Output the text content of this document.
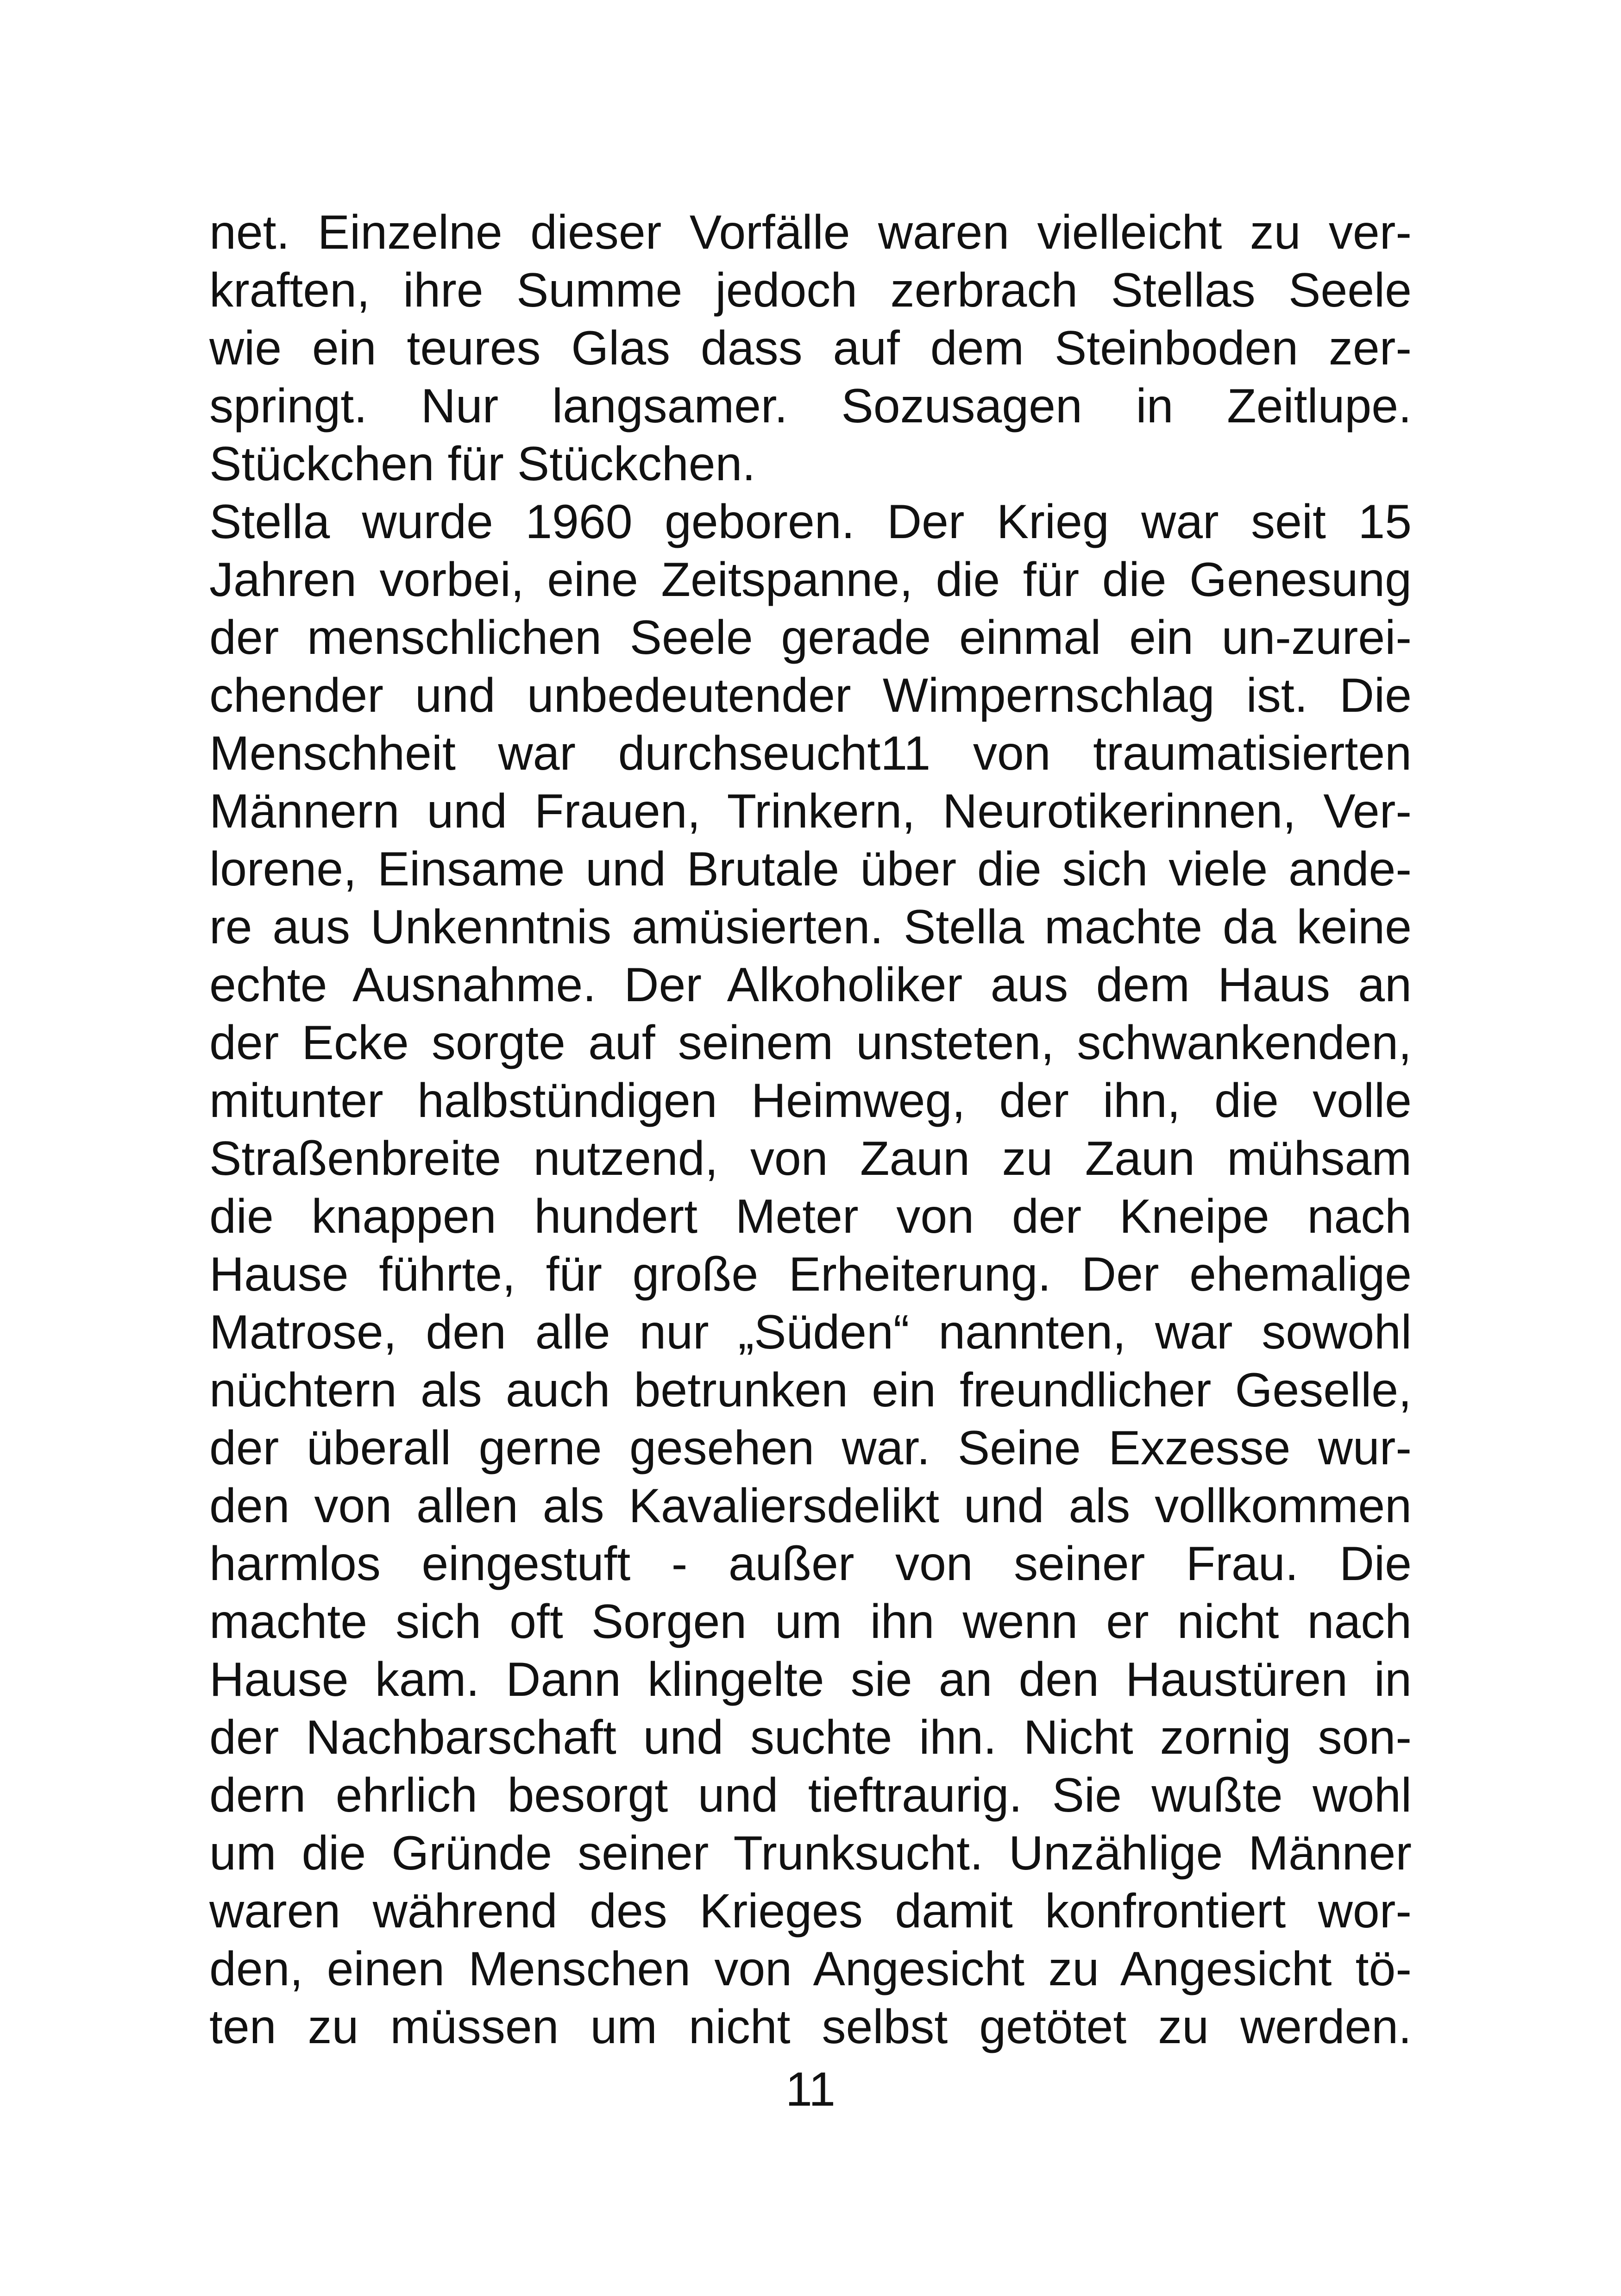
net. Einzelne dieser Vorfälle waren vielleicht zu ver-
kraften, ihre Summe jedoch zerbrach Stellas Seele
wie ein teures Glas dass auf dem Steinboden zer-
springt. Nur langsamer. Sozusagen in Zeitlupe.
Stückchen für Stückchen.
Stella wurde 1960 geboren. Der Krieg war seit 15
Jahren vorbei, eine Zeitspanne, die für die Genesung
der menschlichen Seele gerade einmal ein un-zurei-
chender und unbedeutender Wimpernschlag ist. Die
Menschheit war durchseucht11 von traumatisierten
Männern und Frauen, Trinkern, Neurotikerinnen, Ver-
lorene, Einsame und Brutale über die sich viele ande-
re aus Unkenntnis amüsierten. Stella machte da keine
echte Ausnahme. Der Alkoholiker aus dem Haus an
der Ecke sorgte auf seinem unsteten, schwankenden,
mitunter halbstündigen Heimweg, der ihn, die volle
Straßenbreite nutzend, von Zaun zu Zaun mühsam
die knappen hundert Meter von der Kneipe nach
Hause führte, für große Erheiterung. Der ehemalige
Matrose, den alle nur „Süden“ nannten, war sowohl
nüchtern als auch betrunken ein freundlicher Geselle,
der überall gerne gesehen war. Seine Exzesse wur-
den von allen als Kavaliersdelikt und als vollkommen
harmlos eingestuft - außer von seiner Frau. Die
machte sich oft Sorgen um ihn wenn er nicht nach
Hause kam. Dann klingelte sie an den Haustüren in
der Nachbarschaft und suchte ihn. Nicht zornig son-
dern ehrlich besorgt und tieftraurig. Sie wußte wohl
um die Gründe seiner Trunksucht. Unzählige Männer
waren während des Krieges damit konfrontiert wor-
den, einen Menschen von Angesicht zu Angesicht tö-
ten zu müssen um nicht selbst getötet zu werden.
11
